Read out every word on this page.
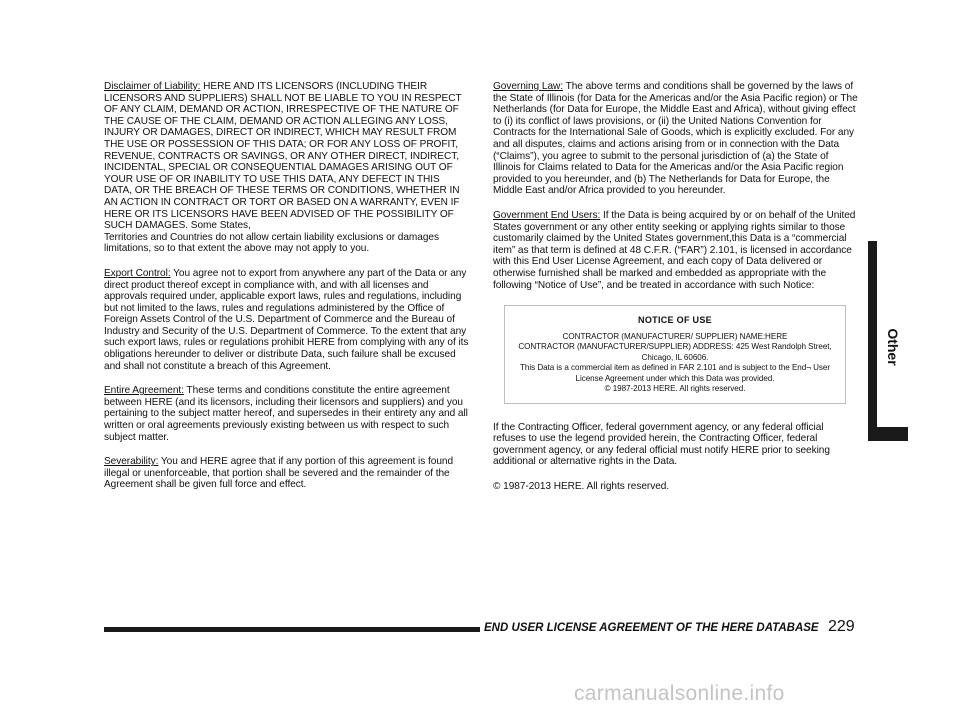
Disclaimer of Liability: HERE AND ITS LICENSORS (INCLUDING THEIR LICENSORS AND SUPPLIERS) SHALL NOT BE LIABLE TO YOU IN RESPECT OF ANY CLAIM, DEMAND OR ACTION, IRRESPECTIVE OF THE NATURE OF THE CAUSE OF THE CLAIM, DEMAND OR ACTION ALLEGING ANY LOSS, INJURY OR DAMAGES, DIRECT OR INDIRECT, WHICH MAY RESULT FROM THE USE OR POSSESSION OF THIS DATA; OR FOR ANY LOSS OF PROFIT, REVENUE, CONTRACTS OR SAVINGS, OR ANY OTHER DIRECT, INDIRECT, INCIDENTAL, SPECIAL OR CONSEQUENTIAL DAMAGES ARISING OUT OF YOUR USE OF OR INABILITY TO USE THIS DATA, ANY DEFECT IN THIS DATA, OR THE BREACH OF THESE TERMS OR CONDITIONS, WHETHER IN AN ACTION IN CONTRACT OR TORT OR BASED ON A WARRANTY, EVEN IF HERE OR ITS LICENSORS HAVE BEEN ADVISED OF THE POSSIBILITY OF SUCH DAMAGES. Some States,
Territories and Countries do not allow certain liability exclusions or damages limitations, so to that extent the above may not apply to you.
Export Control: You agree not to export from anywhere any part of the Data or any direct product thereof except in compliance with, and with all licenses and approvals required under, applicable export laws, rules and regulations, including but not limited to the laws, rules and regulations administered by the Office of Foreign Assets Control of the U.S. Department of Commerce and the Bureau of Industry and Security of the U.S. Department of Commerce. To the extent that any such export laws, rules or regulations prohibit HERE from complying with any of its obligations hereunder to deliver or distribute Data, such failure shall be excused and shall not constitute a breach of this Agreement.
Entire Agreement: These terms and conditions constitute the entire agreement between HERE (and its licensors, including their licensors and suppliers) and you pertaining to the subject matter hereof, and supersedes in their entirety any and all written or oral agreements previously existing between us with respect to such subject matter.
Severability: You and HERE agree that if any portion of this agreement is found illegal or unenforceable, that portion shall be severed and the remainder of the Agreement shall be given full force and effect.
Governing Law: The above terms and conditions shall be governed by the laws of the State of Illinois (for Data for the Americas and/or the Asia Pacific region) or The Netherlands (for Data for Europe, the Middle East and Africa), without giving effect to (i) its conflict of laws provisions, or (ii) the United Nations Convention for Contracts for the International Sale of Goods, which is explicitly excluded. For any and all disputes, claims and actions arising from or in connection with the Data (“Claims”), you agree to submit to the personal jurisdiction of (a) the State of Illinois for Claims related to Data for the Americas and/or the Asia Pacific region provided to you hereunder, and (b) The Netherlands for Data for Europe, the Middle East and/or Africa provided to you hereunder.
Government End Users: If the Data is being acquired by or on behalf of the United States government or any other entity seeking or applying rights similar to those customarily claimed by the United States government,this Data is a “commercial item” as that term is defined at 48 C.F.R. (“FAR”) 2.101, is licensed in accordance with this End User License Agreement, and each copy of Data delivered or otherwise furnished shall be marked and embedded as appropriate with the following “Notice of Use”, and be treated in accordance with such Notice:
NOTICE OF USE
CONTRACTOR (MANUFACTURER/ SUPPLIER) NAME:HERE
CONTRACTOR (MANUFACTURER/SUPPLIER) ADDRESS: 425 West Randolph Street, Chicago, IL 60606.
This Data is a commercial item as defined in FAR 2.101 and is subject to the End¬ User License Agreement under which this Data was provided.
© 1987-2013 HERE. All rights reserved.
If the Contracting Officer, federal government agency, or any federal official refuses to use the legend provided herein, the Contracting Officer, federal government agency, or any federal official must notify HERE prior to seeking additional or alternative rights in the Data.
© 1987-2013 HERE. All rights reserved.
Other
END USER LICENSE AGREEMENT OF THE HERE DATABASE 229
carmanualsonline.info
